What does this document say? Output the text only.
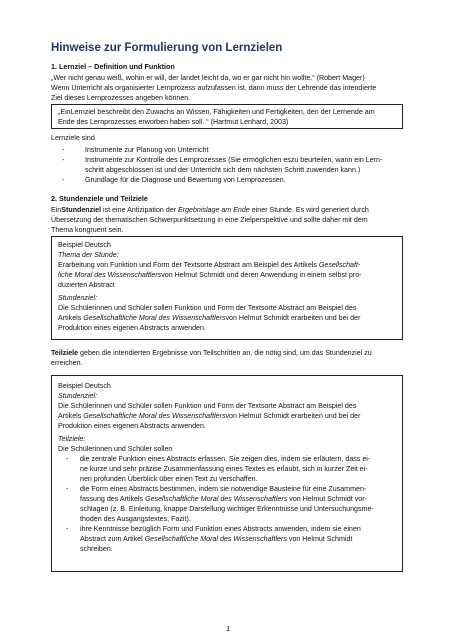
Hinweise zur Formulierung von Lernzielen
1. Lernziel – Definition und Funktion
„Wer nicht genau weiß, wohin er will, der landet leicht da, wo er gar nicht hin wollte.“ (Robert Mager)
Wenn Unterricht als organisierter Lernprozess aufzufassen ist, dann muss der Lehrende das intendierte
Ziel dieses Lernprozesses angeben können.
„EinLernziel beschreibt den Zuwachs an Wissen, Fähigkeiten und Fertigkeiten, den der Lernende am
Ende des Lernprozesses erworben haben soll. “ (Hartmut Lenhard, 2003)
Lernziele sind
-	Instrumente zur Planung von Unterricht
-	Instrumente zur Kontrolle des Lernprozesses (Sie ermöglichen eszu beurteilen, wann ein Lern-
schritt abgeschlossen ist und der Unterricht sich dem nächsten Schritt zuwenden kann.)
-	Grundlage für die Diagnose und Bewertung von Lernprozessen.
2. Stundenziele und Teilziele
EinStundenziel ist eine Antizipation der Ergebnislage am Ende einer Stunde. Es wird generiert durch
Übersetzung der thematischen Schwerpunktsetzung in eine Zielperspektive und sollte daher mit dem
Thema kongruent sein.
Beispiel Deutsch
Thema der Stunde:
Erarbeitung von Funktion und Form der Textsorte Abstract am Beispiel des Artikels Gesellschaft-
liche Moral des Wissenschaftlersvon Helmut Schmidt und deren Anwendung in einem selbst pro-
duzierten Abstract
Stundenziel:
Die Schülerinnen und Schüler sollen Funktion und Form der Textsorte Abstract am Beispiel des
Artikels Gesellschaftliche Moral des Wissenschaftlersvon Helmut Schmidt erarbeiten und bei der
Produktion eines eigenen Abstracts anwenden.
Teilziele geben die intendierten Ergebnisse von Teilschritten an, die nötig sind, um das Stundenziel zu
erreichen.
Beispiel Deutsch
Stundenziel:
Die Schülerinnen und Schüler sollen Funktion und Form der Textsorte Abstract am Beispiel des
Artikels Gesellschaftliche Moral des Wissenschaftlersvon Helmut Schmidt erarbeiten und bei der
Produktion eines eigenen Abstracts anwenden.
Teilziele:
Die Schülerinnen und Schüler sollen
- die zentrale Funktion eines Abstracts erfassen. Sie zeigen dies, indem sie erläutern, dass ei-
ne kurze und sehr präzise Zusammenfassung eines Textes es erlaubt, sich in kurzer Zeit ei-
nen profunden Überblick über einen Text zu verschaffen.
- die Form eines Abstracts bestimmen, indem sie notwendige Bausteine für eine Zusammen-
fassung des Artikels Gesellschaftliche Moral des Wissenschaftlers von Helmut Schmidt vor-
schlagen (z. B. Einleitung, knappe Darstellung wichtiger Erkenntnisse und Untersuchungsme-
thoden des Ausgangstextes, Fazit).
- ihre Kenntnisse bezüglich Form und Funktion eines Abstracts anwenden, indem sie einen
Abstract zum Artikel Gesellschaftliche Moral des Wissenschaftlers von Helmut Schmidt
schreiben.
1
